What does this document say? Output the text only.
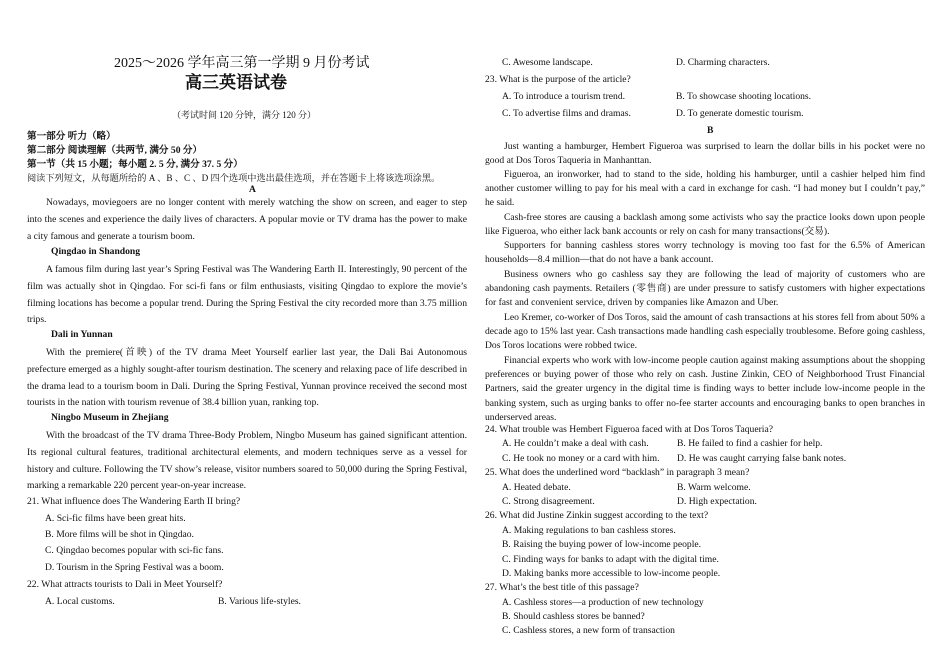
2025～2026 学年高三第一学期 9 月份考试
高三英语试卷
（考试时间 120 分钟，满分 120 分）
第一部分 听力（略）
第二部分 阅读理解（共两节, 满分 50 分）
第一节（共 15 小题；每小题 2. 5 分, 满分 37. 5 分）
阅读下列短文，从每题所给的 A 、B 、C 、D 四个选项中选出最佳选项，并在答题卡上将该选项涂黑。
A
Nowadays, moviegoers are no longer content with merely watching the show on screen, and eager to step into the scenes and experience the daily lives of characters. A popular movie or TV drama has the power to make a city famous and generate a tourism boom.
Qingdao in Shandong
A famous film during last year’s Spring Festival was The Wandering Earth II. Interestingly, 90 percent of the film was actually shot in Qingdao. For sci-fi fans or film enthusiasts, visiting Qingdao to explore the movie’s filming locations has become a popular trend. During the Spring Festival the city recorded more than 3.75 million trips.
Dali in Yunnan
With the premiere(首映) of the TV drama Meet Yourself earlier last year, the Dali Bai Autonomous prefecture emerged as a highly sought-after tourism destination. The scenery and relaxing pace of life described in the drama lead to a tourism boom in Dali. During the Spring Festival, Yunnan province received the second most tourists in the nation with tourism revenue of 38.4 billion yuan, ranking top.
Ningbo Museum in Zhejiang
With the broadcast of the TV drama Three-Body Problem, Ningbo Museum has gained significant attention. Its regional cultural features, traditional architectural elements, and modern techniques serve as a vessel for history and culture. Following the TV show’s release, visitor numbers soared to 50,000 during the Spring Festival, marking a remarkable 220 percent year-on-year increase.
21. What influence does The Wandering Earth II bring?
A. Sci-fic films have been great hits.
B. More films will be shot in Qingdao.
C. Qingdao becomes popular with sci-fic fans.
D. Tourism in the Spring Festival was a boom.
22. What attracts tourists to Dali in Meet Yourself?
A. Local customs.	B. Various life-styles.
C. Awesome landscape.	D. Charming characters.
23. What is the purpose of the article?
A. To introduce a tourism trend.	B. To showcase shooting locations.
C. To advertise films and dramas.	D. To generate domestic tourism.
B
Just wanting a hamburger, Hembert Figueroa was surprised to learn the dollar bills in his pocket were no good at Dos Toros Taqueria in Manhanttan.
Figueroa, an ironworker, had to stand to the side, holding his hamburger, until a cashier helped him find another customer willing to pay for his meal with a card in exchange for cash. “I had money but I couldn’t pay,” he said.
Cash-free stores are causing a backlash among some activists who say the practice looks down upon people like Figueroa, who either lack bank accounts or rely on cash for many transactions(交易).
Supporters for banning cashless stores worry technology is moving too fast for the 6.5% of American households—8.4 million—that do not have a bank account.
Business owners who go cashless say they are following the lead of majority of customers who are abandoning cash payments. Retailers (零售商) are under pressure to satisfy customers with higher expectations for fast and convenient service, driven by companies like Amazon and Uber.
Leo Kremer, co-worker of Dos Toros, said the amount of cash transactions at his stores fell from about 50% a decade ago to 15% last year. Cash transactions made handling cash especially troublesome. Before going cashless, Dos Toros locations were robbed twice.
Financial experts who work with low-income people caution against making assumptions about the shopping preferences or buying power of those who rely on cash. Justine Zinkin, CEO of Neighborhood Trust Financial Partners, said the greater urgency in the digital time is finding ways to better include low-income people in the banking system, such as urging banks to offer no-fee starter accounts and encouraging banks to open branches in underserved areas.
24. What trouble was Hembert Figueroa faced with at Dos Toros Taqueria?
A. He couldn’t make a deal with cash.	B. He failed to find a cashier for help.
C. He took no money or a card with him. D. He was caught carrying false bank notes.
25. What does the underlined word “backlash” in paragraph 3 mean?
A. Heated debate.	B. Warm welcome.
C. Strong disagreement.	D. High expectation.
26. What did Justine Zinkin suggest according to the text?
A. Making regulations to ban cashless stores.
B. Raising the buying power of low-income people.
C. Finding ways for banks to adapt with the digital time.
D. Making banks more accessible to low-income people.
27. What’s the best title of this passage?
A. Cashless stores—a production of new technology
B. Should cashless stores be banned?
C. Cashless stores, a new form of transaction
